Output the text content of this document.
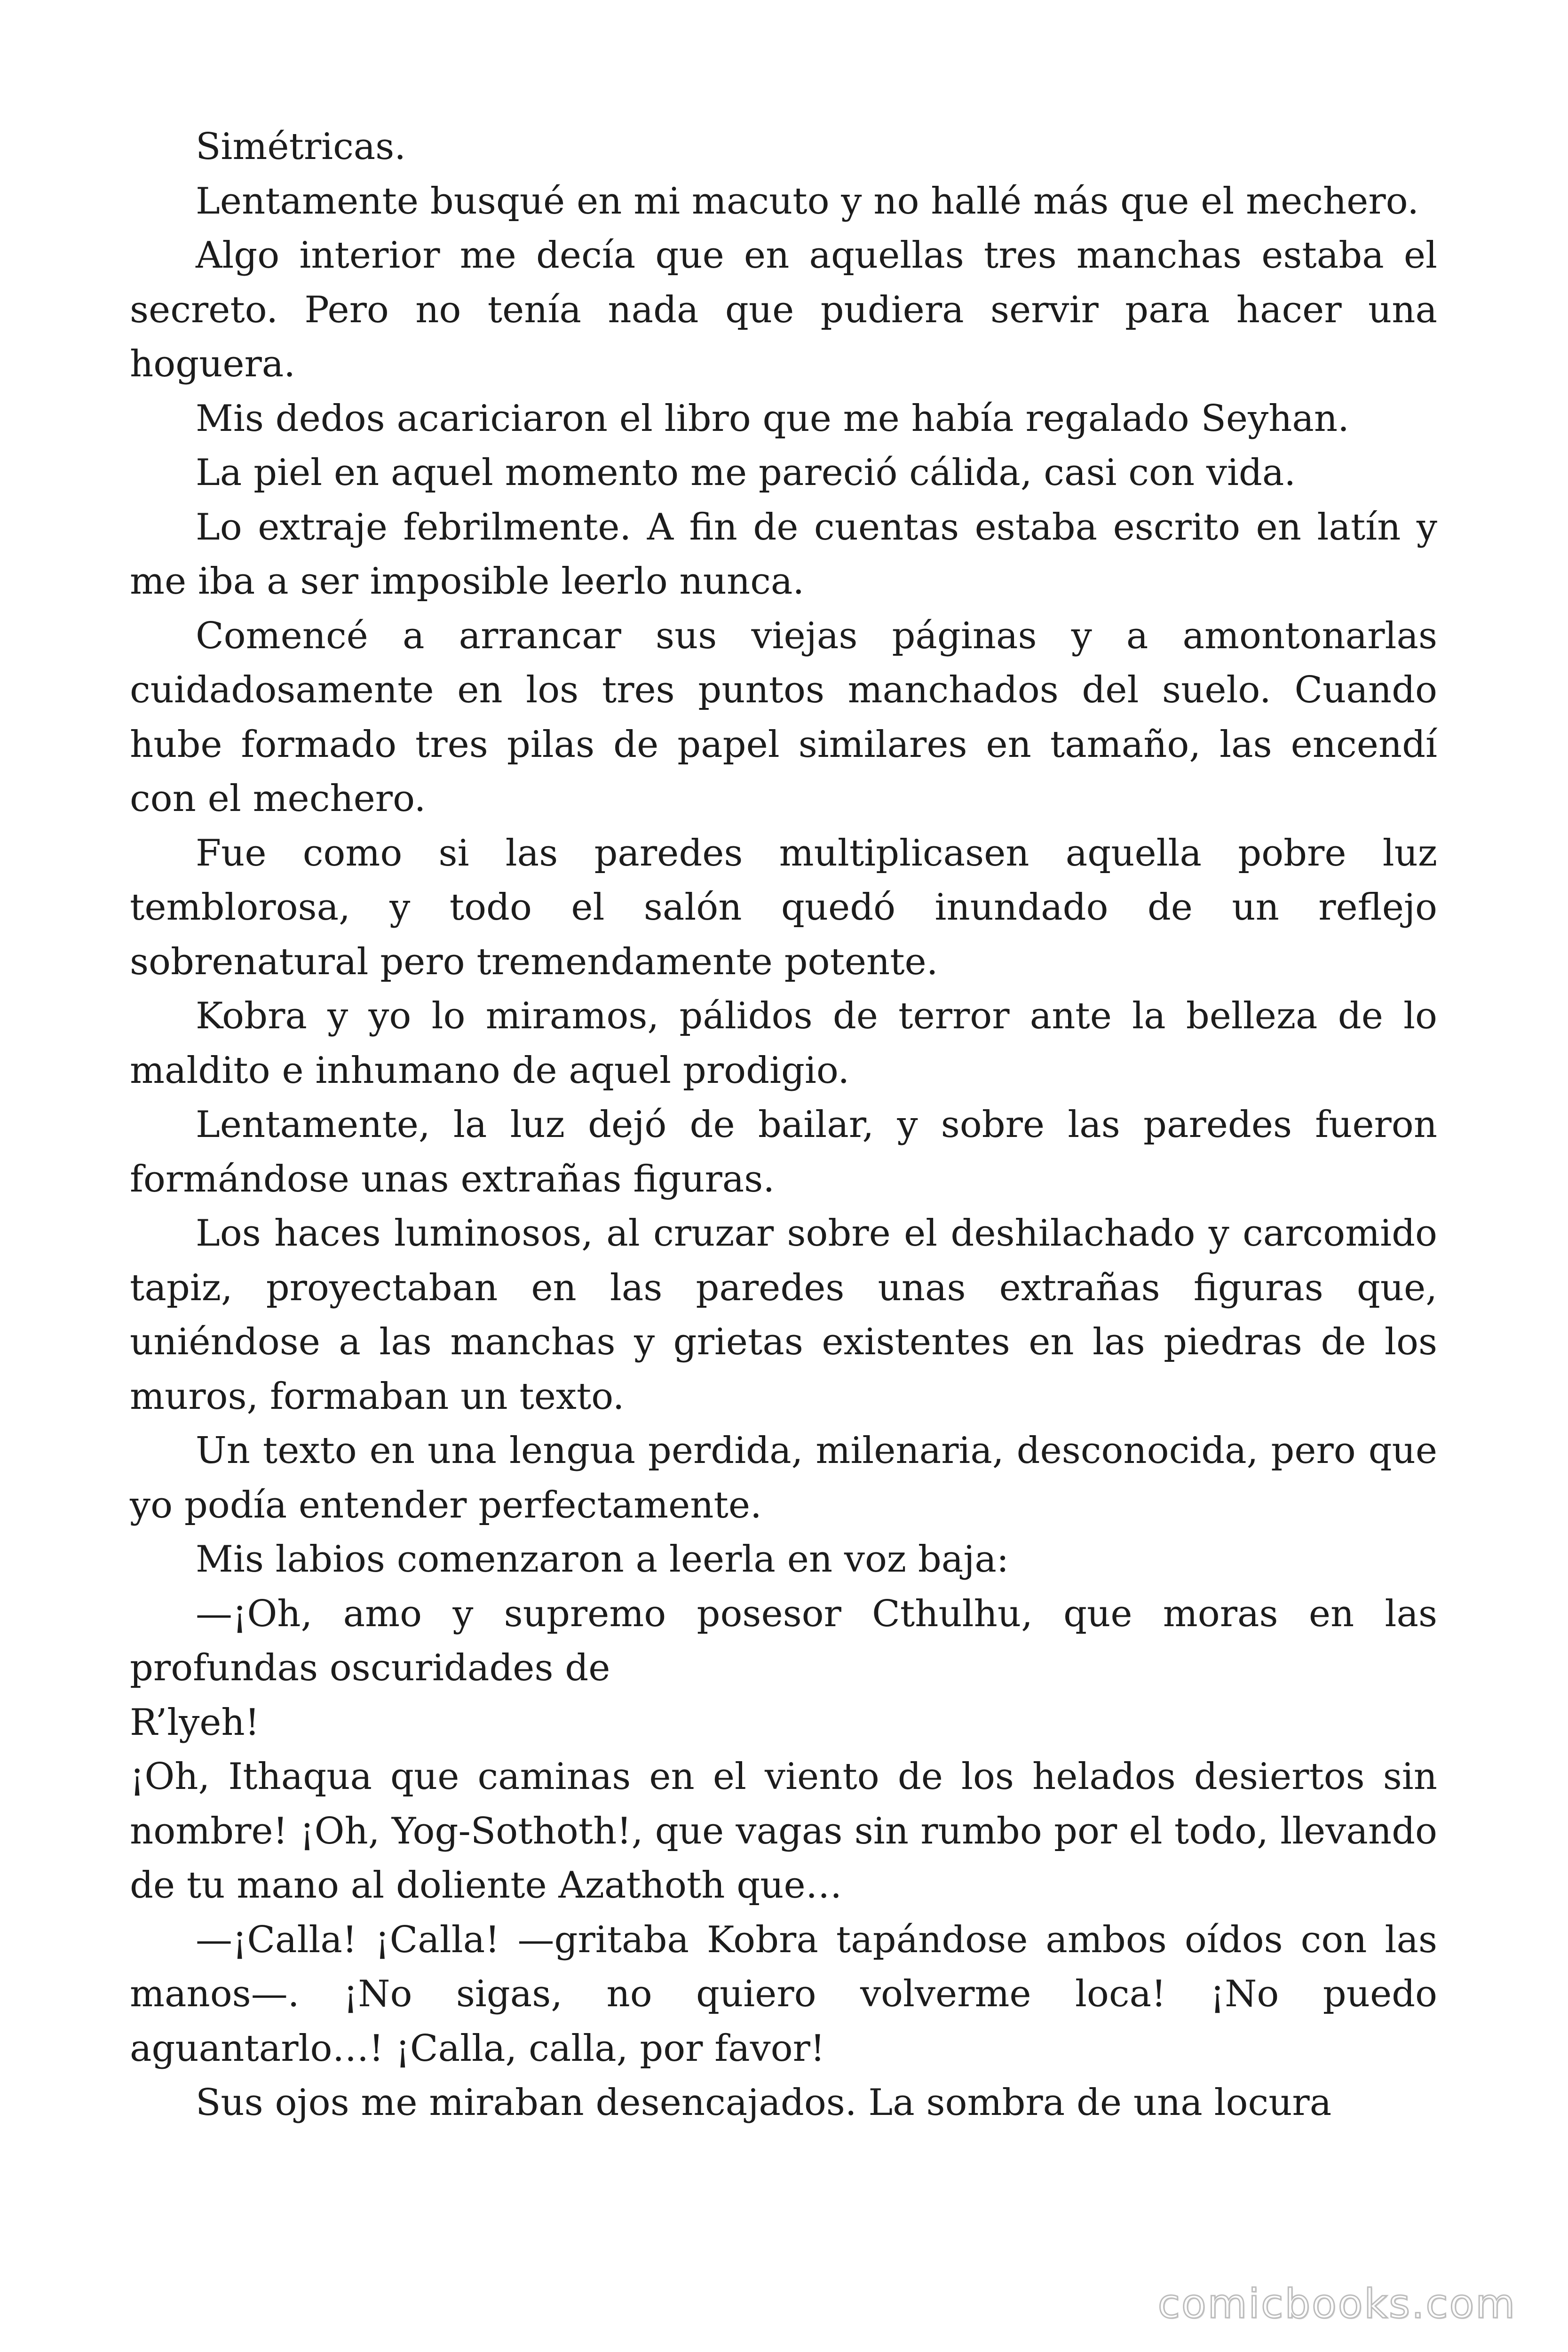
Simétricas.

Lentamente busqué en mi macuto y no hallé más que el mechero.

Algo interior me decía que en aquellas tres manchas estaba el secreto. Pero no tenía nada que pudiera servir para hacer una hoguera.

Mis dedos acariciaron el libro que me había regalado Seyhan.

La piel en aquel momento me pareció cálida, casi con vida.

Lo extraje febrilmente. A fin de cuentas estaba escrito en latín y me iba a ser imposible leerlo nunca.

Comencé a arrancar sus viejas páginas y a amontonarlas cuidadosamente en los tres puntos manchados del suelo. Cuando hube formado tres pilas de papel similares en tamaño, las encendí con el mechero.

Fue como si las paredes multiplicasen aquella pobre luz temblorosa, y todo el salón quedó inundado de un reflejo sobrenatural pero tremendamente potente.

Kobra y yo lo miramos, pálidos de terror ante la belleza de lo maldito e inhumano de aquel prodigio.

Lentamente, la luz dejó de bailar, y sobre las paredes fueron formándose unas extrañas figuras.

Los haces luminosos, al cruzar sobre el deshilachado y carcomido tapiz, proyectaban en las paredes unas extrañas figuras que, uniéndose a las manchas y grietas existentes en las piedras de los muros, formaban un texto.

Un texto en una lengua perdida, milenaria, desconocida, pero que yo podía entender perfectamente.

Mis labios comenzaron a leerla en voz baja:

—¡Oh, amo y supremo posesor Cthulhu, que moras en las profundas oscuridades de

R’lyeh!

¡Oh, Ithaqua que caminas en el viento de los helados desiertos sin nombre! ¡Oh, Yog-Sothoth!, que vagas sin rumbo por el todo, llevando de tu mano al doliente Azathoth que…

—¡Calla! ¡Calla! —gritaba Kobra tapándose ambos oídos con las manos—. ¡No sigas, no quiero volverme loca! ¡No puedo aguantarlo…! ¡Calla, calla, por favor!

Sus ojos me miraban desencajados. La sombra de una locura

comicbooks.com
